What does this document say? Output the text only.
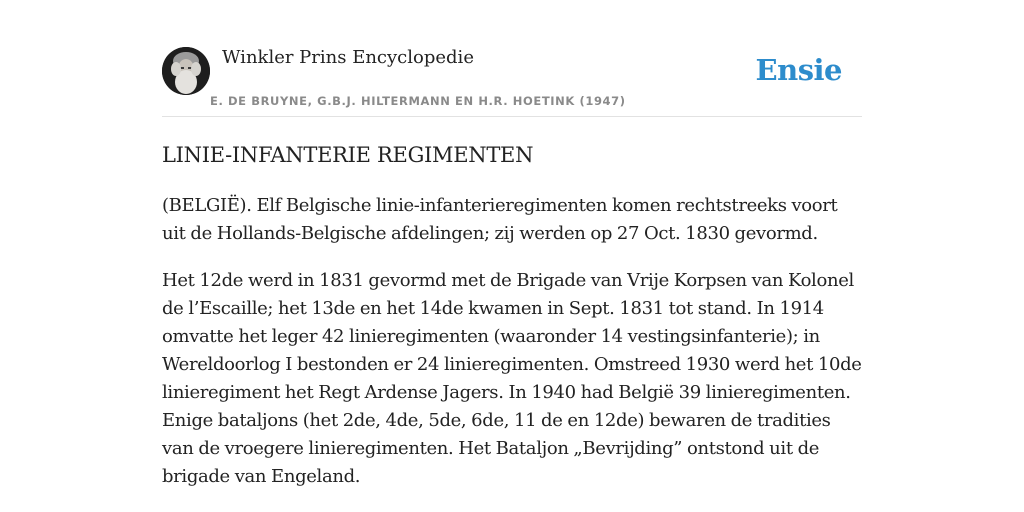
Winkler Prins Encyclopedie
E. DE BRUYNE, G.B.J. HILTERMANN EN H.R. HOETINK (1947)
Ensie
LINIE-INFANTERIE REGIMENTEN

(BELGIË). Elf Belgische linie-infanterieregimenten komen rechtstreeks voort uit de Hollands-Belgische afdelingen; zij werden op 27 Oct. 1830 gevormd.

Het 12de werd in 1831 gevormd met de Brigade van Vrije Korpsen van Kolonel de l’Escaille; het 13de en het 14de kwamen in Sept. 1831 tot stand. In 1914 omvatte het leger 42 linieregimenten (waaronder 14 vestingsinfanterie); in Wereldoorlog I bestonden er 24 linieregimenten. Omstreed 1930 werd het 10de linieregiment het Regt Ardense Jagers. In 1940 had België 39 linieregimenten. Enige bataljons (het 2de, 4de, 5de, 6de, 11 de en 12de) bewaren de tradities van de vroegere linieregimenten. Het Bataljon „Bevrijding” ontstond uit de brigade van Engeland.
